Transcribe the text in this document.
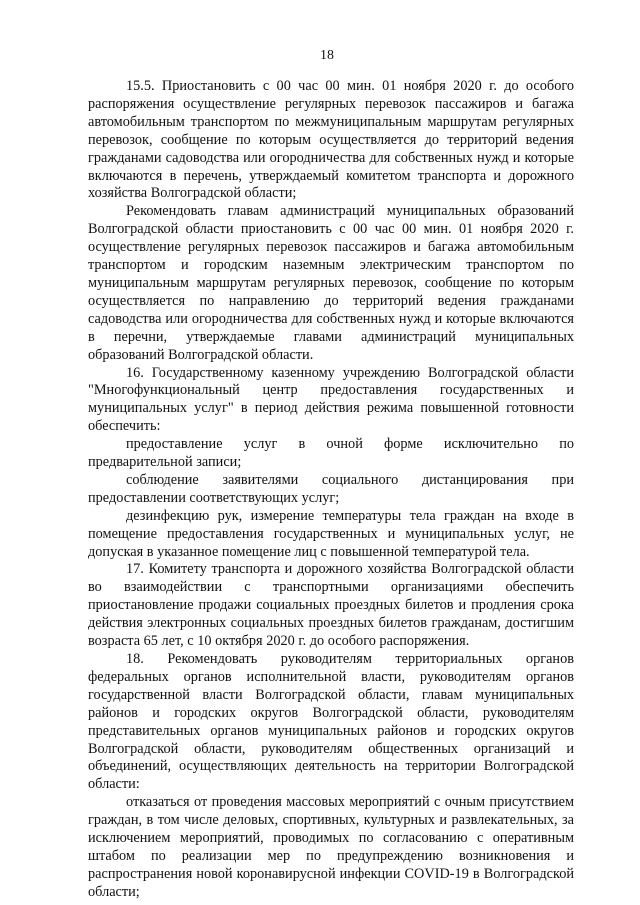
18

15.5. Приостановить с 00 час 00 мин. 01 ноября 2020 г. до особого распоряжения осуществление регулярных перевозок пассажиров и багажа автомобильным транспортом по межмуниципальным маршрутам регулярных перевозок, сообщение по которым осуществляется до территорий ведения гражданами садоводства или огородничества для собственных нужд и которые включаются в перечень, утверждаемый комитетом транспорта и дорожного хозяйства Волгоградской области;

Рекомендовать главам администраций муниципальных образований Волгоградской области приостановить с 00 час 00 мин. 01 ноября 2020 г. осуществление регулярных перевозок пассажиров и багажа автомобильным транспортом и городским наземным электрическим транспортом по муниципальным маршрутам регулярных перевозок, сообщение по которым осуществляется по направлению до территорий ведения гражданами садоводства или огородничества для собственных нужд и которые включаются в перечни, утверждаемые главами администраций муниципальных образований Волгоградской области.

16. Государственному казенному учреждению Волгоградской области "Многофункциональный центр предоставления государственных и муниципальных услуг" в период действия режима повышенной готовности обеспечить:

предоставление услуг в очной форме исключительно по предварительной записи;

соблюдение заявителями социального дистанцирования при предоставлении соответствующих услуг;

дезинфекцию рук, измерение температуры тела граждан на входе в помещение предоставления государственных и муниципальных услуг, не допуская в указанное помещение лиц с повышенной температурой тела.

17. Комитету транспорта и дорожного хозяйства Волгоградской области во взаимодействии с транспортными организациями обеспечить приостановление продажи социальных проездных билетов и продления срока действия электронных социальных проездных билетов гражданам, достигшим возраста 65 лет, с 10 октября 2020 г. до особого распоряжения.

18. Рекомендовать руководителям территориальных органов федеральных органов исполнительной власти, руководителям органов государственной власти Волгоградской области, главам муниципальных районов и городских округов Волгоградской области, руководителям представительных органов муниципальных районов и городских округов Волгоградской области, руководителям общественных организаций и объединений, осуществляющих деятельность на территории Волгоградской области:

отказаться от проведения массовых мероприятий с очным присутствием граждан, в том числе деловых, спортивных, культурных и развлекательных, за исключением мероприятий, проводимых по согласованию с оперативным штабом по реализации мер по предупреждению возникновения и распространения новой коронавирусной инфекции COVID-19 в Волгоградской области;
